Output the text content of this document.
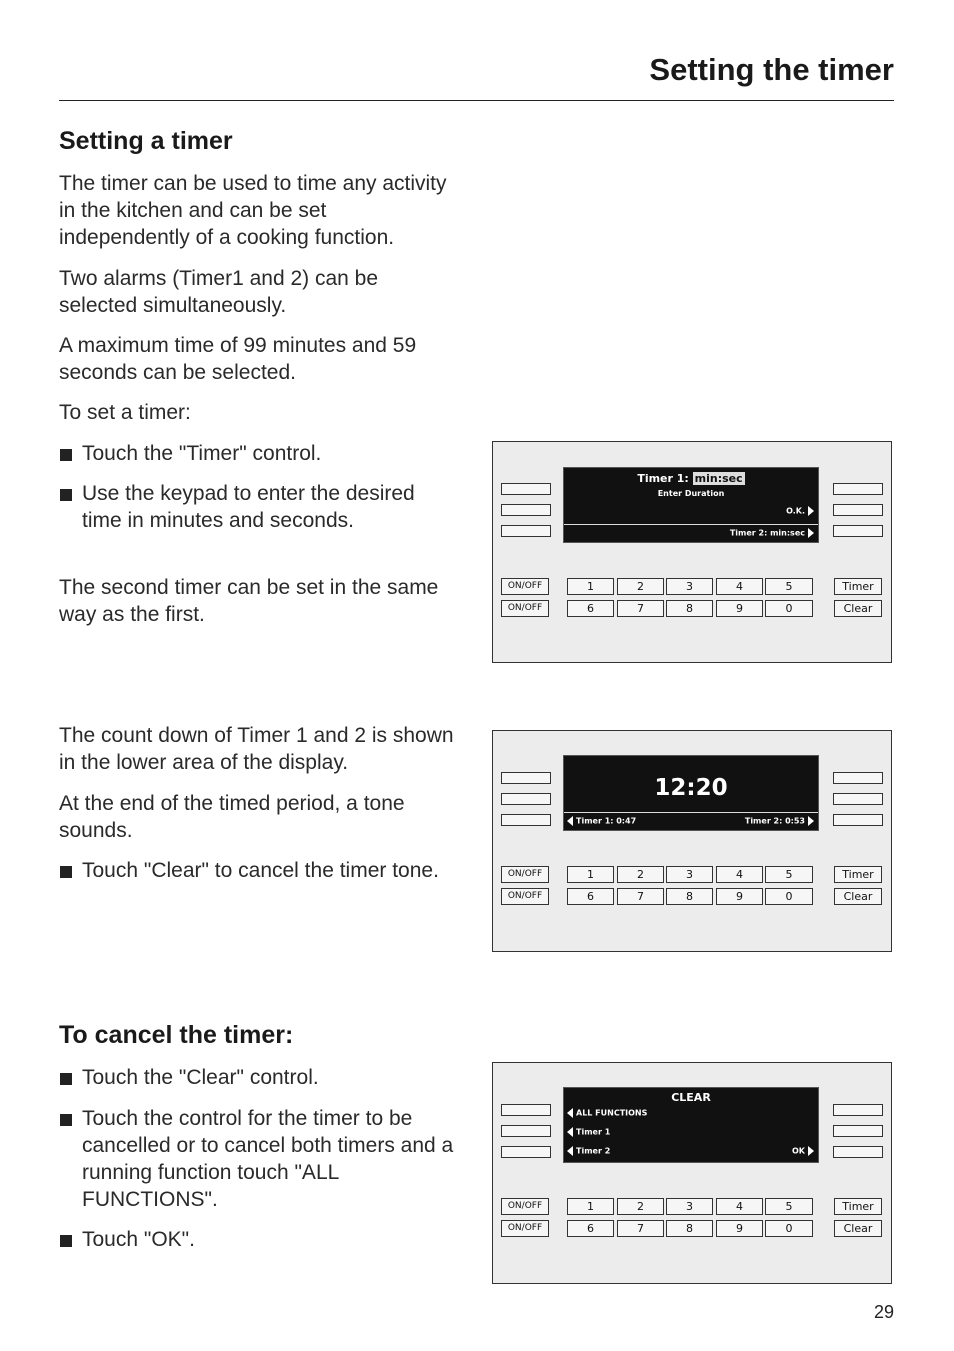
Setting the timer
Setting a timer
The timer can be used to time any activity in the kitchen and can be set independently of a cooking function.
Two alarms (Timer1 and 2) can be selected simultaneously.
A maximum time of 99 minutes and 59 seconds can be selected.
To set a timer:
Touch the "Timer" control.
Use the keypad to enter the desired time in minutes and seconds.
The second timer can be set in the same way as the first.
The count down of Timer 1 and 2 is shown in the lower area of the display.
At the end of the timed period, a tone sounds.
Touch "Clear" to cancel the timer tone.
To cancel the timer:
Touch the "Clear" control.
Touch the control for the timer to be cancelled or to cancel both timers and a running function touch "ALL FUNCTIONS".
Touch "OK".
Timer 1: min:sec
Enter Duration
O.K.
Timer 2: min:sec
ON/OFF
ON/OFF
1	2	3	4	5
6	7	8	9	0
Timer
Clear
12:20
Timer 1: 0:47	Timer 2: 0:53
ON/OFF
ON/OFF
1	2	3	4	5
6	7	8	9	0
Timer
Clear
CLEAR
ALL FUNCTIONS
Timer 1
Timer 2	OK
ON/OFF
ON/OFF
1	2	3	4	5
6	7	8	9	0
Timer
Clear
29
